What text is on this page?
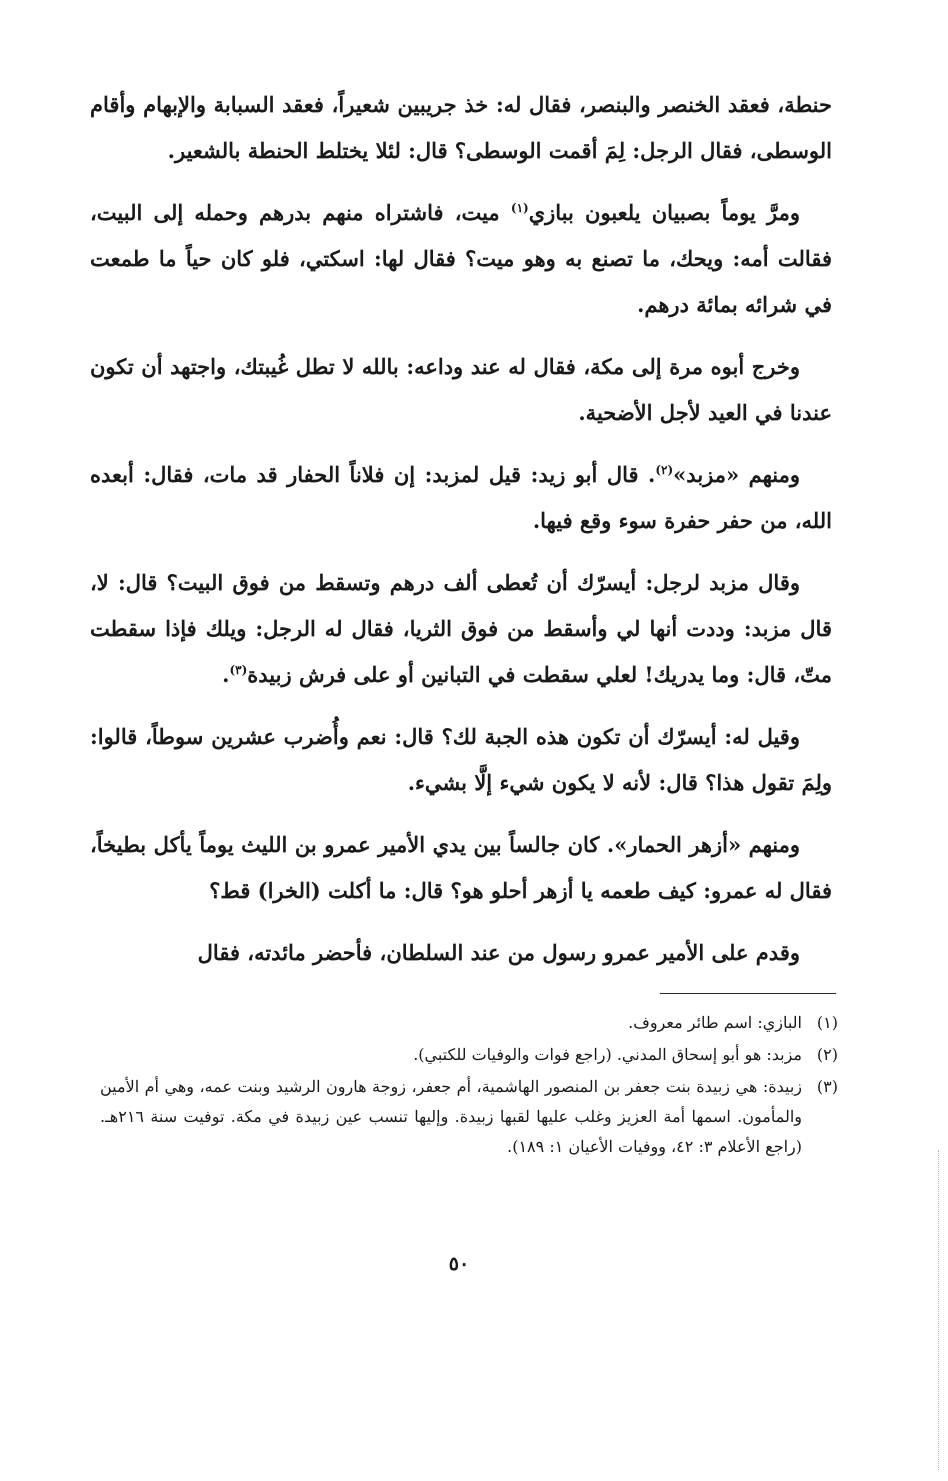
حنطة، فعقد الخنصر والبنصر، فقال له: خذ جريبين شعيراً، فعقد السبابة والإبهام وأقام الوسطى، فقال الرجل: لِمَ أقمت الوسطى؟ قال: لئلا يختلط الحنطة بالشعير.

ومرَّ يوماً بصبيان يلعبون ببازي$^{(١)}$ ميت، فاشتراه منهم بدرهم وحمله إلى البيت، فقالت أمه: ويحك، ما تصنع به وهو ميت؟ فقال لها: اسكتي، فلو كان حياً ما طمعت في شرائه بمائة درهم.

وخرج أبوه مرة إلى مكة، فقال له عند وداعه: بالله لا تطل غُيبتك، واجتهد أن تكون عندنا في العيد لأجل الأضحية.

ومنهم «مزبد»$^{(٢)}$. قال أبو زيد: قيل لمزبد: إن فلاناً الحفار قد مات، فقال: أبعده الله، من حفر حفرة سوء وقع فيها.

وقال مزبد لرجل: أيسرّك أن تُعطى ألف درهم وتسقط من فوق البيت؟ قال: لا، قال مزبد: وددت أنها لي وأسقط من فوق الثريا، فقال له الرجل: ويلك فإذا سقطت متّ، قال: وما يدريك! لعلي سقطت في التبانين أو على فرش زبيدة$^{(٣)}$.

وقيل له: أيسرّك أن تكون هذه الجبة لك؟ قال: نعم وأُضرب عشرين سوطاً، قالوا: ولِمَ تقول هذا؟ قال: لأنه لا يكون شيء إلَّا بشيء.

ومنهم «أزهر الحمار». كان جالساً بين يدي الأمير عمرو بن الليث يوماً يأكل بطيخاً، فقال له عمرو: كيف طعمه يا أزهر أحلو هو؟ قال: ما أكلت (الخرا) قط؟

وقدم على الأمير عمرو رسول من عند السلطان، فأحضر مائدته، فقال

(١)
البازي: اسم طائر معروف.
(٢)
مزبد: هو أبو إسحاق المدني. (راجع فوات والوفيات للكتبي).
(٣)
زبيدة: هي زبيدة بنت جعفر بن المنصور الهاشمية، أم جعفر، زوجة هارون الرشيد وبنت عمه، وهي أم الأمين والمأمون. اسمها أمة العزيز وغلب عليها لقبها زبيدة. وإليها تنسب عين زبيدة في مكة. توفيت سنة ٢١٦هـ. (راجع الأعلام ٣: ٤٢، ووفيات الأعيان ١: ١٨٩).
٥٠
